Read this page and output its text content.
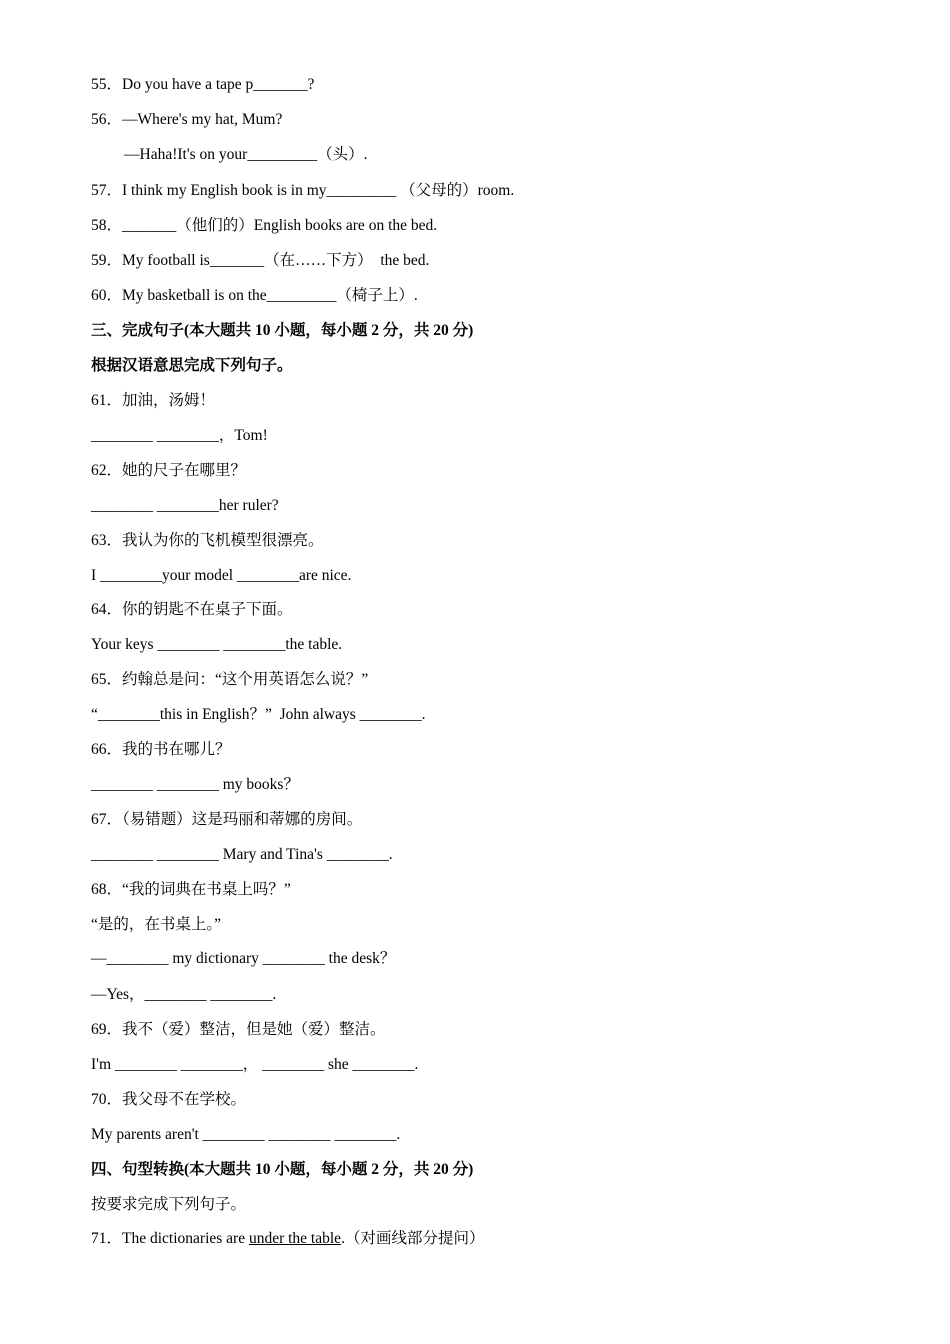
55．Do you have a tape p_______?
56．—Where's my hat, Mum?
—Haha!It's on your_________（头）.
57．I think my English book is in my_________ （父母的）room.
58．_______（他们的）English books are on the bed.
59．My football is_______（在……下方）  the bed.
60．My basketball is on the_________（椅子上）.
三、完成句子(本大题共 10 小题，每小题 2 分，共 20 分)
根据汉语意思完成下列句子。
61．加油，汤姆！
________ ________，Tom!
62．她的尺子在哪里？
________ ________her ruler?
63．我认为你的飞机模型很漂亮。
I ________your model ________are nice.
64．你的钥匙不在桌子下面。
Your keys ________ ________the table.
65．约翰总是问：“这个用英语怎么说？”
“________this in English？”  John always ________.
66．我的书在哪儿？
________ ________ my books？
67．（易错题）这是玛丽和蒂娜的房间。
________ ________ Mary and Tina's ________.
68．“我的词典在书桌上吗？”
“是的，在书桌上。”
—________ my dictionary ________ the desk？
—Yes，________ ________.
69．我不（爱）整洁，但是她（爱）整洁。
I'm ________ ________， ________ she ________.
70．我父母不在学校。
My parents aren't ________ ________ ________.
四、句型转换(本大题共 10 小题，每小题 2 分，共 20 分)
按要求完成下列句子。
71．The dictionaries are under the table.（对画线部分提问）
